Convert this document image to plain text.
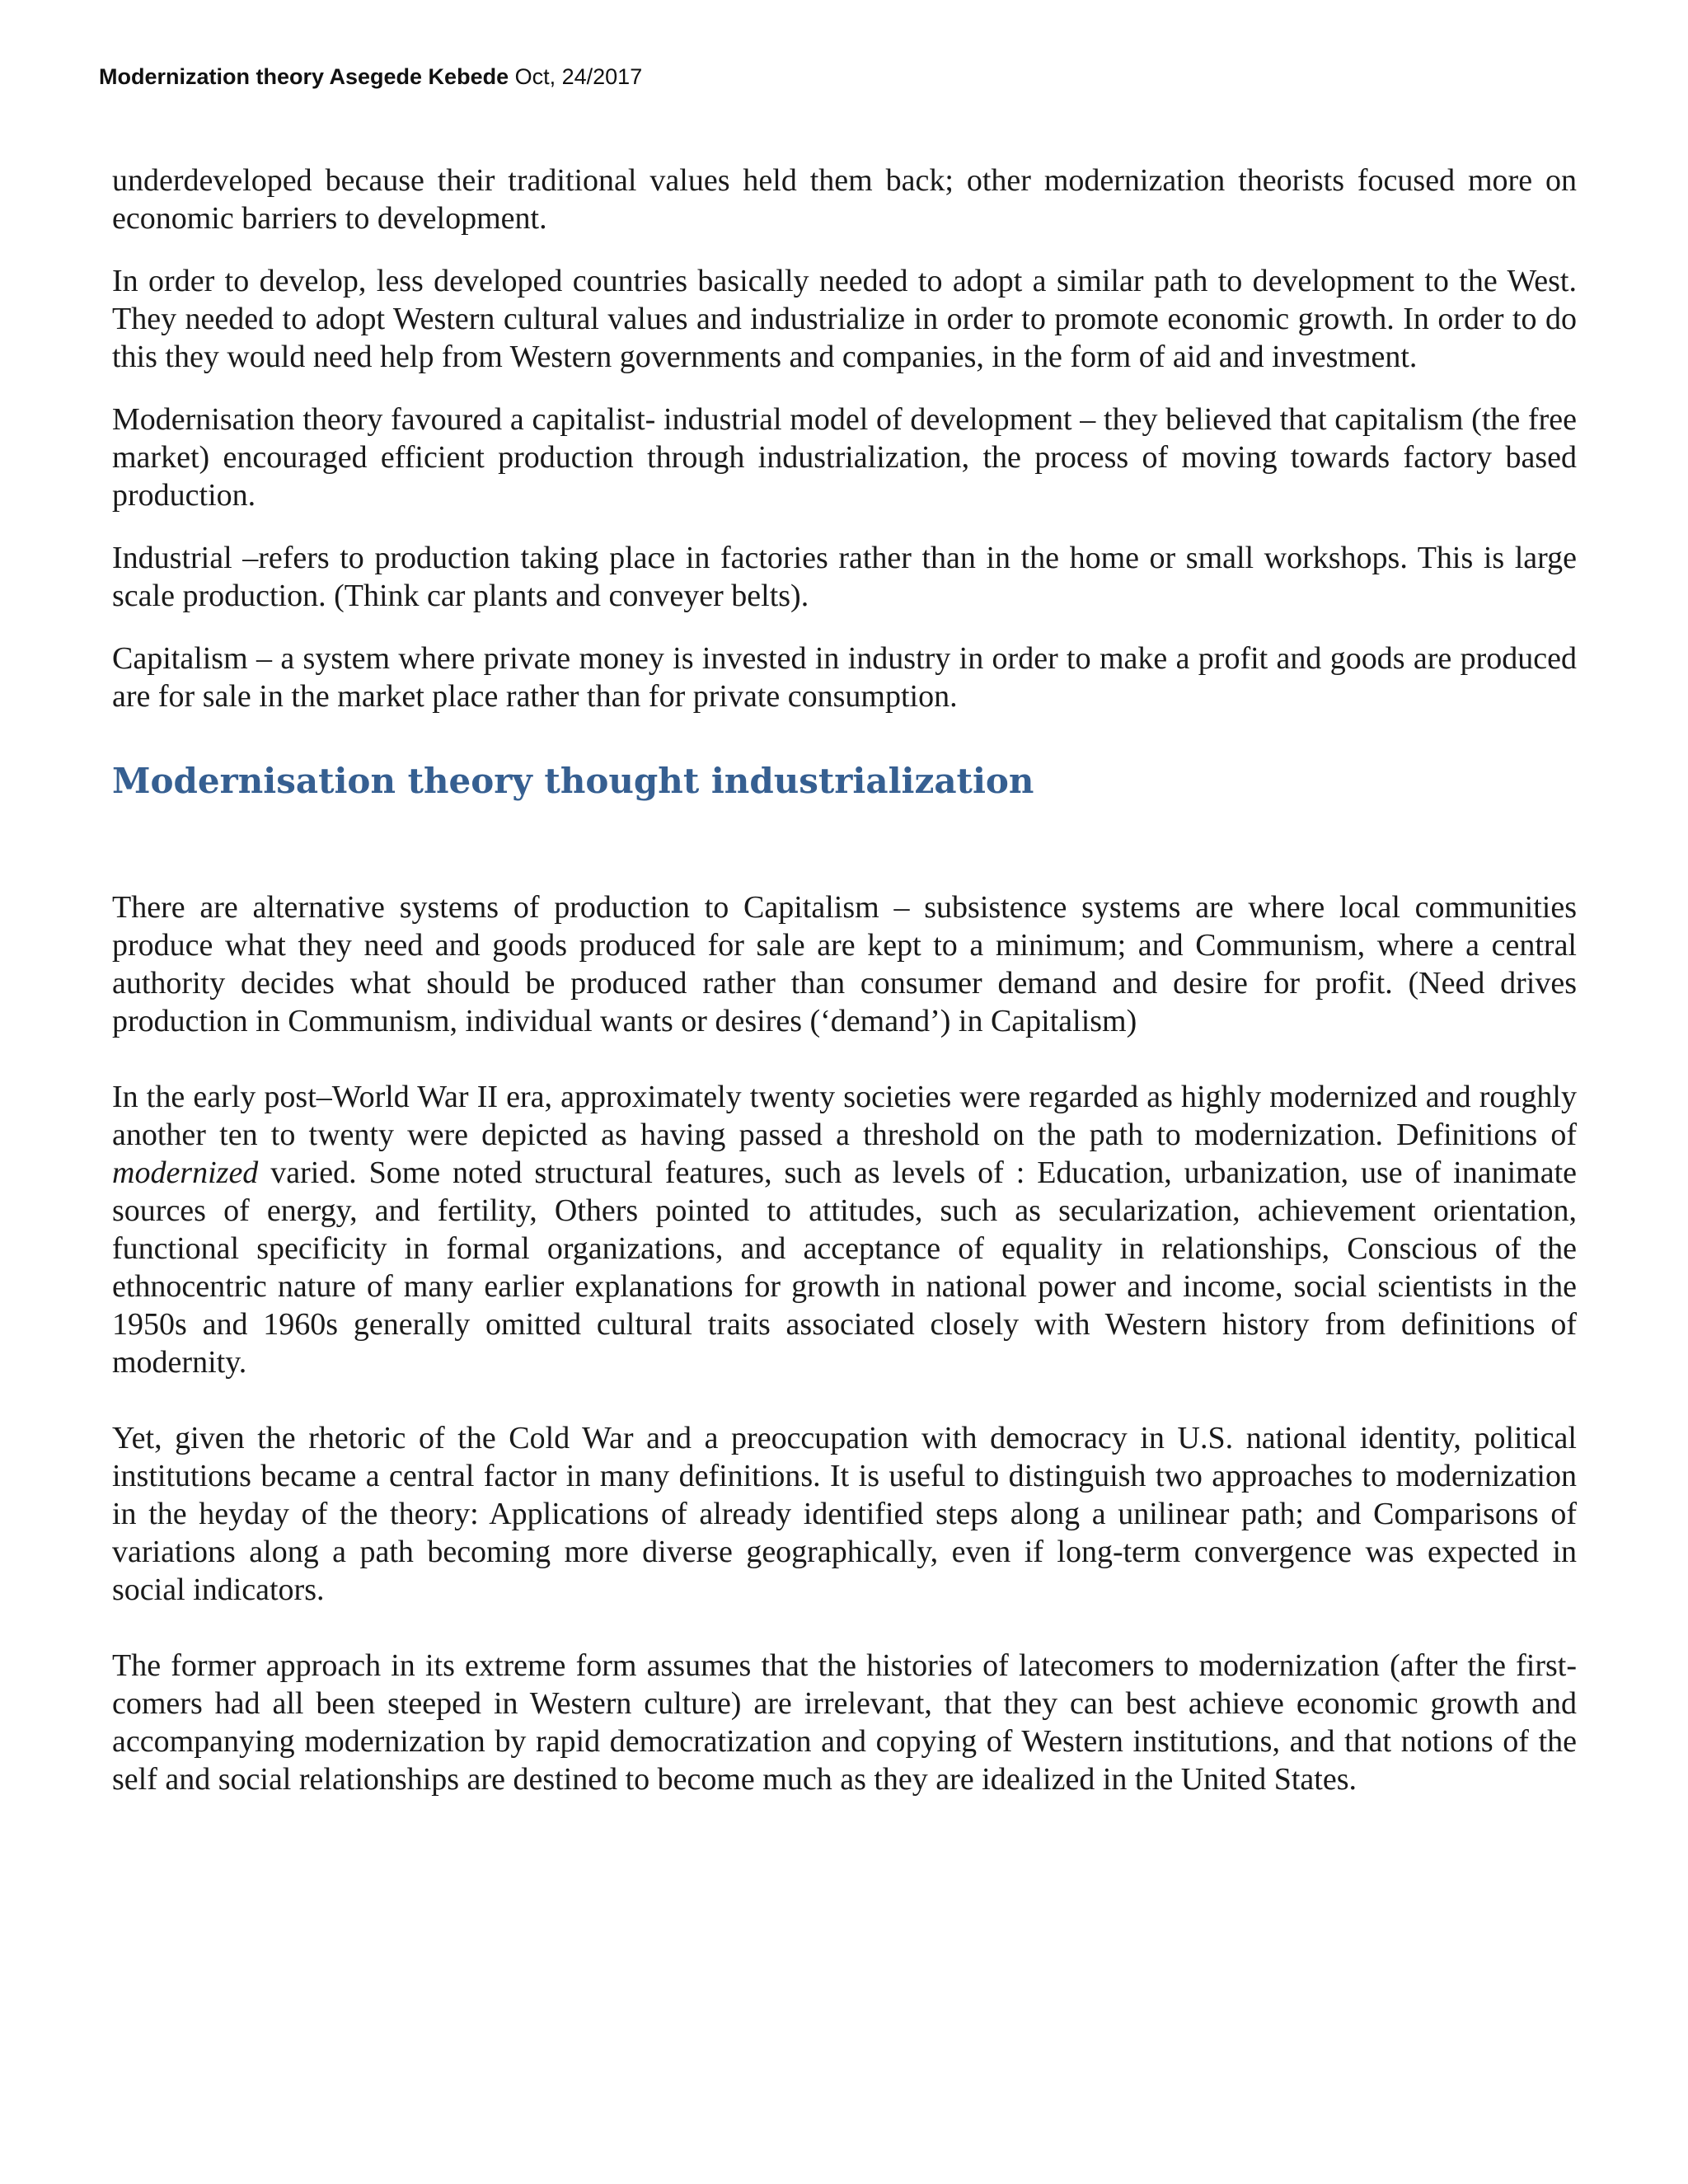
Modernization theory Asegede Kebede Oct, 24/2017

underdeveloped because their traditional values held them back; other modernization theorists focused more on economic barriers to development.

In order to develop, less developed countries basically needed to adopt a similar path to development to the West. They needed to adopt Western cultural values and industrialize in order to promote economic growth. In order to do this they would need help from Western governments and companies, in the form of aid and investment.

Modernisation theory favoured a capitalist- industrial model of development – they believed that capitalism (the free market) encouraged efficient production through industrialization, the process of moving towards factory based production.

Industrial –refers to production taking place in factories rather than in the home or small workshops. This is large scale production. (Think car plants and conveyer belts).

Capitalism – a system where private money is invested in industry in order to make a profit and goods are produced are for sale in the market place rather than for private consumption.

Modernisation theory thought industrialization

There are alternative systems of production to Capitalism – subsistence systems are where local communities produce what they need and goods produced for sale are kept to a minimum; and Communism, where a central authority decides what should be produced rather than consumer demand and desire for profit. (Need drives production in Communism, individual wants or desires (‘demand’) in Capitalism)

In the early post–World War II era, approximately twenty societies were regarded as highly modernized and roughly another ten to twenty were depicted as having passed a threshold on the path to modernization. Definitions of modernized varied. Some noted structural features, such as levels of : Education, urbanization, use of inanimate sources of energy, and fertility, Others pointed to attitudes, such as secularization, achievement orientation, functional specificity in formal organizations, and acceptance of equality in relationships, Conscious of the ethnocentric nature of many earlier explanations for growth in national power and income, social scientists in the 1950s and 1960s generally omitted cultural traits associated closely with Western history from definitions of modernity.

Yet, given the rhetoric of the Cold War and a preoccupation with democracy in U.S. national identity, political institutions became a central factor in many definitions. It is useful to distinguish two approaches to modernization in the heyday of the theory: Applications of already identified steps along a unilinear path; and Comparisons of variations along a path becoming more diverse geographically, even if long-term convergence was expected in social indicators.

The former approach in its extreme form assumes that the histories of latecomers to modernization (after the first-comers had all been steeped in Western culture) are irrelevant, that they can best achieve economic growth and accompanying modernization by rapid democratization and copying of Western institutions, and that notions of the self and social relationships are destined to become much as they are idealized in the United States.
